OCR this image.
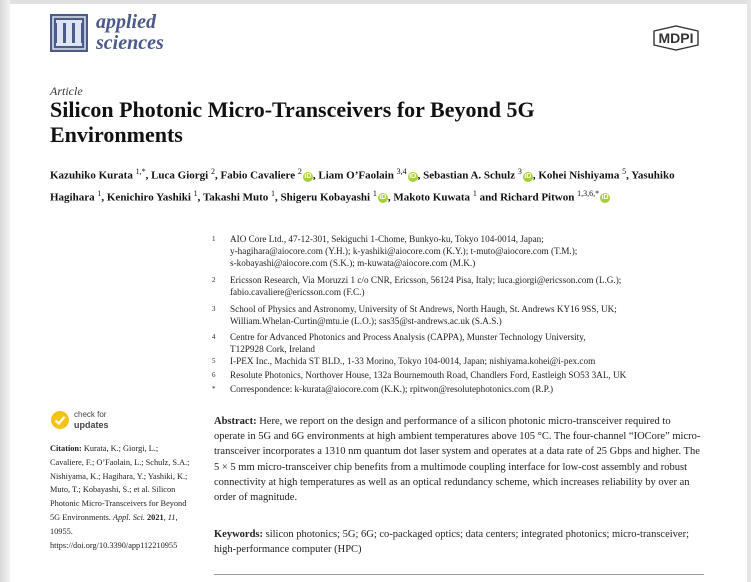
applied
sciences	MDPI
Article
Silicon Photonic Micro-Transceivers for Beyond 5G Environments
Kazuhiko Kurata $^{1,*}$, Luca Giorgi $^2$, Fabio Cavaliere $^2$iD , Liam O’Faolain $^{3,4}$iD , Sebastian A. Schulz $^3$iD , Kohei Nishiyama $^5$, Yasuhiko Hagihara $^1$, Kenichiro Yashiki $^1$, Takashi Muto $^1$, Shigeru Kobayashi $^1$iD , Makoto Kuwata $^1$ and Richard Pitwon $^{1,3,6,*}$iD
1 AIO Core Ltd., 47-12-301, Sekiguchi 1-Chome, Bunkyo-ku, Tokyo 104-0014, Japan;
y-hagihara@aiocore.com (Y.H.); k-yashiki@aiocore.com (K.Y.); t-muto@aiocore.com (T.M.);
s-kobayashi@aiocore.com (S.K.); m-kuwata@aiocore.com (M.K.)
2 Ericsson Research, Via Moruzzi 1 c/o CNR, Ericsson, 56124 Pisa, Italy; luca.giorgi@ericsson.com (L.G.);
fabio.cavaliere@ericsson.com (F.C.)
3 School of Physics and Astronomy, University of St Andrews, North Haugh, St. Andrews KY16 9SS, UK;
William.Whelan-Curtin@mtu.ie (L.O.); sas35@st-andrews.ac.uk (S.A.S.)
4 Centre for Advanced Photonics and Process Analysis (CAPPA), Munster Technology University,
T12P928 Cork, Ireland
5 I-PEX Inc., Machida ST BLD., 1-33 Morino, Tokyo 104-0014, Japan; nishiyama.kohei@i-pex.com
6 Resolute Photonics, Northover House, 132a Bournemouth Road, Chandlers Ford, Eastleigh SO53 3AL, UK
* Correspondence: k-kurata@aiocore.com (K.K.); rpitwon@resolutephotonics.com (R.P.)
check for
updates
Citation: Kurata, K.; Giorgi, L.; Cavaliere, F.; O’Faolain, L.; Schulz, S.A.; Nishiyama, K.; Hagihara, Y.; Yashiki, K.; Muto, T.; Kobayashi, S.; et al. Silicon Photonic Micro-Transceivers for Beyond 5G Environments. Appl. Sci. 2021, 11, 10955. https://doi.org/10.3390/app112210955
Abstract: Here, we report on the design and performance of a silicon photonic micro-transceiver required to operate in 5G and 6G environments at high ambient temperatures above 105 °C. The four-channel “IOCore” micro-transceiver incorporates a 1310 nm quantum dot laser system and operates at a data rate of 25 Gbps and higher. The 5 × 5 mm micro-transceiver chip benefits from a multimode coupling interface for low-cost assembly and robust connectivity at high temperatures as well as an optical redundancy scheme, which increases reliability by over an order of magnitude.
Keywords: silicon photonics; 5G; 6G; co-packaged optics; data centers; integrated photonics; micro-transceiver; high-performance computer (HPC)
